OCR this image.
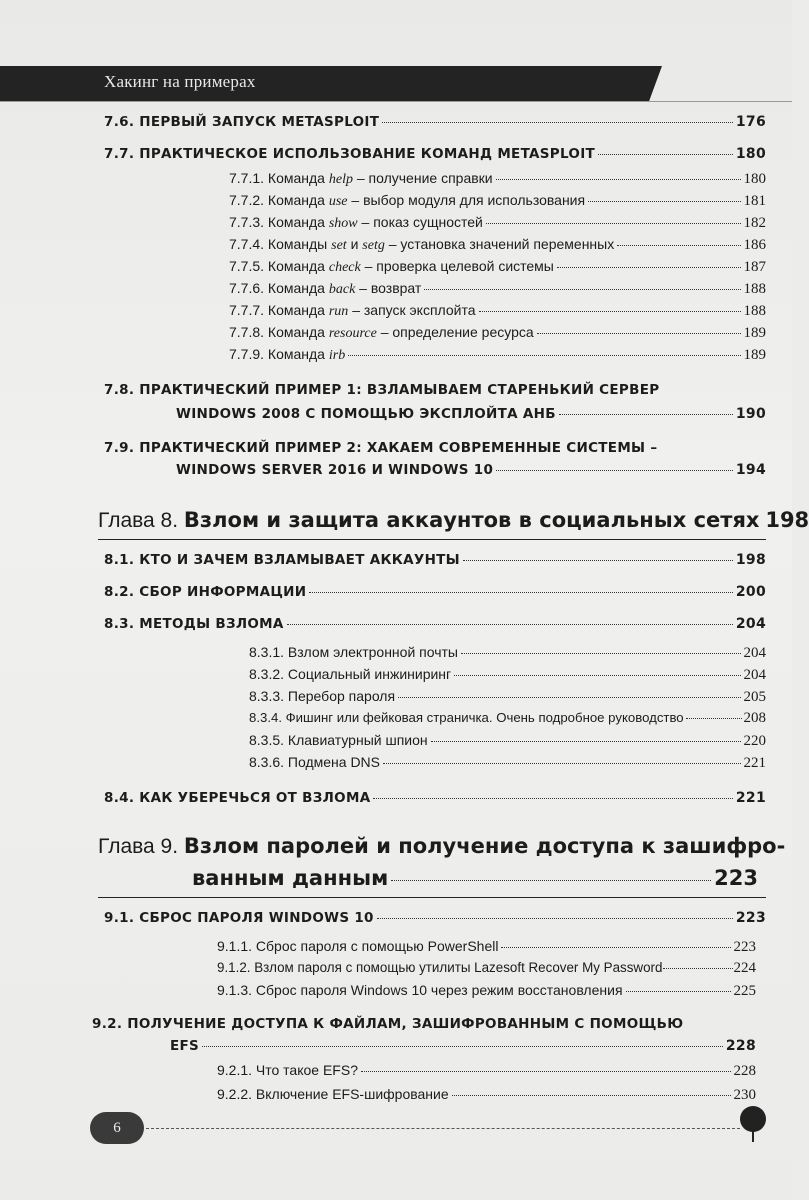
Хакинг на примерах
7.6. ПЕРВЫЙ ЗАПУСК METASPLOIT	176
7.7. ПРАКТИЧЕСКОЕ ИСПОЛЬЗОВАНИЕ КОМАНД METASPLOIT	180
7.7.1. Команда help – получение справки	180
7.7.2. Команда use – выбор модуля для использования	181
7.7.3. Команда show – показ сущностей	182
7.7.4. Команды set и setg – установка значений переменных	186
7.7.5. Команда check – проверка целевой системы	187
7.7.6. Команда back – возврат	188
7.7.7. Команда run – запуск эксплойта	188
7.7.8. Команда resource – определение ресурса	189
7.7.9. Команда irb	189
7.8. ПРАКТИЧЕСКИЙ ПРИМЕР 1: ВЗЛАМЫВАЕМ СТАРЕНЬКИЙ СЕРВЕР
WINDOWS 2008 С ПОМОЩЬЮ ЭКСПЛОЙТА АНБ	190
7.9. ПРАКТИЧЕСКИЙ ПРИМЕР 2: ХАКАЕМ СОВРЕМЕННЫЕ СИСТЕМЫ –
WINDOWS SERVER 2016 И WINDOWS 10	194
Глава 8. Взлом и защита аккаунтов в социальных сетях 198
8.1. КТО И ЗАЧЕМ ВЗЛАМЫВАЕТ АККАУНТЫ	198
8.2. СБОР ИНФОРМАЦИИ	200
8.3. МЕТОДЫ ВЗЛОМА	204
8.3.1. Взлом электронной почты	204
8.3.2. Социальный инжиниринг	204
8.3.3. Перебор пароля	205
8.3.4. Фишинг или фейковая страничка. Очень подробное руководство	208
8.3.5. Клавиатурный шпион	220
8.3.6. Подмена DNS	221
8.4. КАК УБЕРЕЧЬСЯ ОТ ВЗЛОМА	221
Глава 9. Взлом паролей и получение доступа к зашифро-
ванным данным	223
9.1. СБРОС ПАРОЛЯ WINDOWS 10	223
9.1.1. Сброс пароля с помощью PowerShell	223
9.1.2. Взлом пароля с помощью утилиты Lazesoft Recover My Password	224
9.1.3. Сброс пароля Windows 10 через режим восстановления	225
9.2. ПОЛУЧЕНИЕ ДОСТУПА К ФАЙЛАМ, ЗАШИФРОВАННЫМ С ПОМОЩЬЮ
EFS	228
9.2.1. Что такое EFS?	228
9.2.2. Включение EFS-шифрование	230
6
